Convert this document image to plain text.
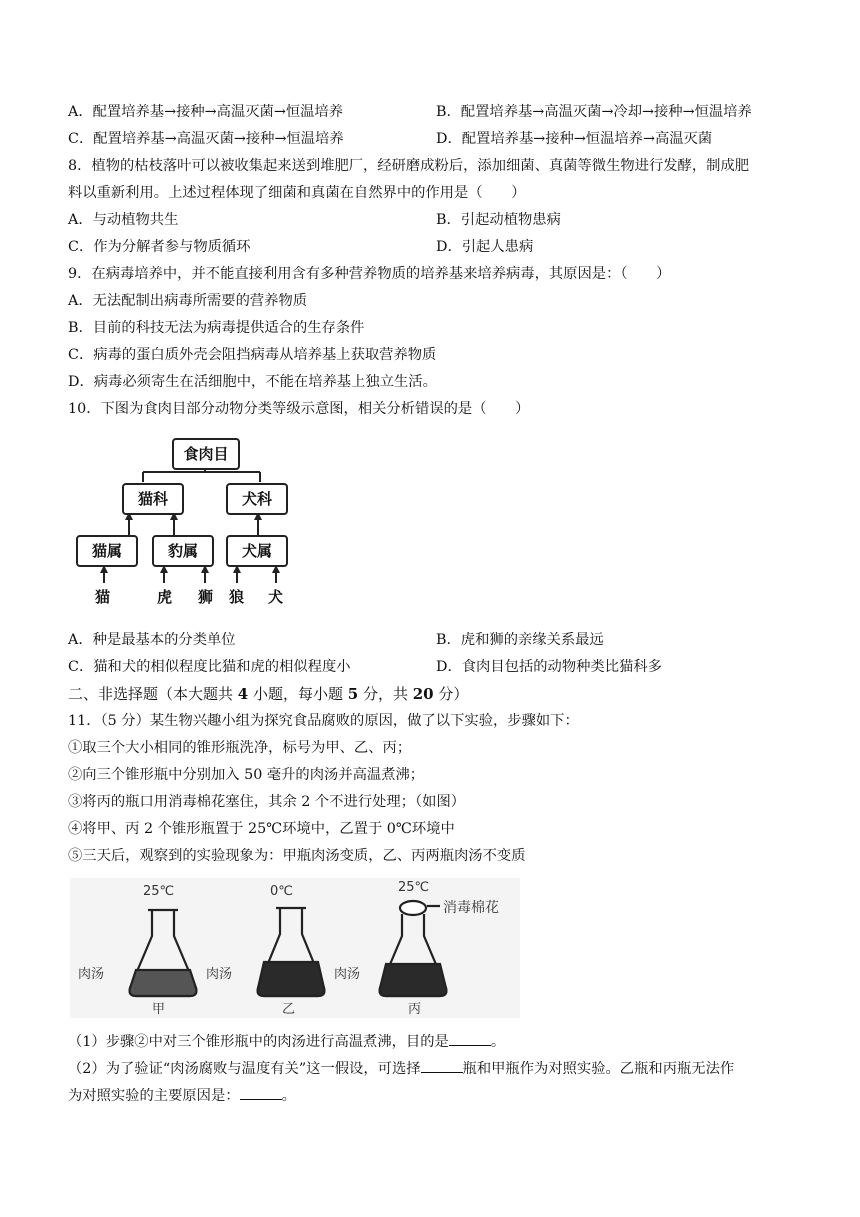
A．配置培养基→接种→高温灭菌→恒温培养	B．配置培养基→高温灭菌→冷却→接种→恒温培养
C．配置培养基→高温灭菌→接种→恒温培养	D．配置培养基→接种→恒温培养→高温灭菌
8．植物的枯枝落叶可以被收集起来送到堆肥厂，经研磨成粉后，添加细菌、真菌等微生物进行发酵，制成肥
料以重新利用。上述过程体现了细菌和真菌在自然界中的作用是（　　）
A．与动植物共生	B．引起动植物患病
C．作为分解者参与物质循环	D．引起人患病
9．在病毒培养中，并不能直接利用含有多种营养物质的培养基来培养病毒，其原因是：（　　）
A．无法配制出病毒所需要的营养物质
B．目前的科技无法为病毒提供适合的生存条件
C．病毒的蛋白质外壳会阻挡病毒从培养基上获取营养物质
D．病毒必须寄生在活细胞中，不能在培养基上独立生活。
10．下图为食肉目部分动物分类等级示意图，相关分析错误的是（　　）
食肉目
猫科	犬科
猫属	豹属	犬属
猫	虎 狮 狼 犬
A．种是最基本的分类单位	B．虎和狮的亲缘关系最远
C．猫和犬的相似程度比猫和虎的相似程度小	D．食肉目包括的动物种类比猫科多
二、非选择题（本大题共 4 小题，每小题 5 分，共 20 分）
11．（5 分）某生物兴趣小组为探究食品腐败的原因，做了以下实验，步骤如下：
①取三个大小相同的锥形瓶洗净，标号为甲、乙、丙；
②向三个锥形瓶中分别加入 50 毫升的肉汤并高温煮沸；
③将丙的瓶口用消毒棉花塞住，其余 2 个不进行处理；（如图）
④将甲、丙 2 个锥形瓶置于 25℃环境中，乙置于 0℃环境中
⑤三天后，观察到的实验现象为：甲瓶肉汤变质，乙、丙两瓶肉汤不变质
25℃	0℃	25℃
消毒棉花
肉汤	肉汤	肉汤
甲	乙	丙
（1）步骤②中对三个锥形瓶中的肉汤进行高温煮沸，目的是	。
（2）为了验证“肉汤腐败与温度有关”这一假设，可选择	瓶和甲瓶作为对照实验。乙瓶和丙瓶无法作
为对照实验的主要原因是：	。
